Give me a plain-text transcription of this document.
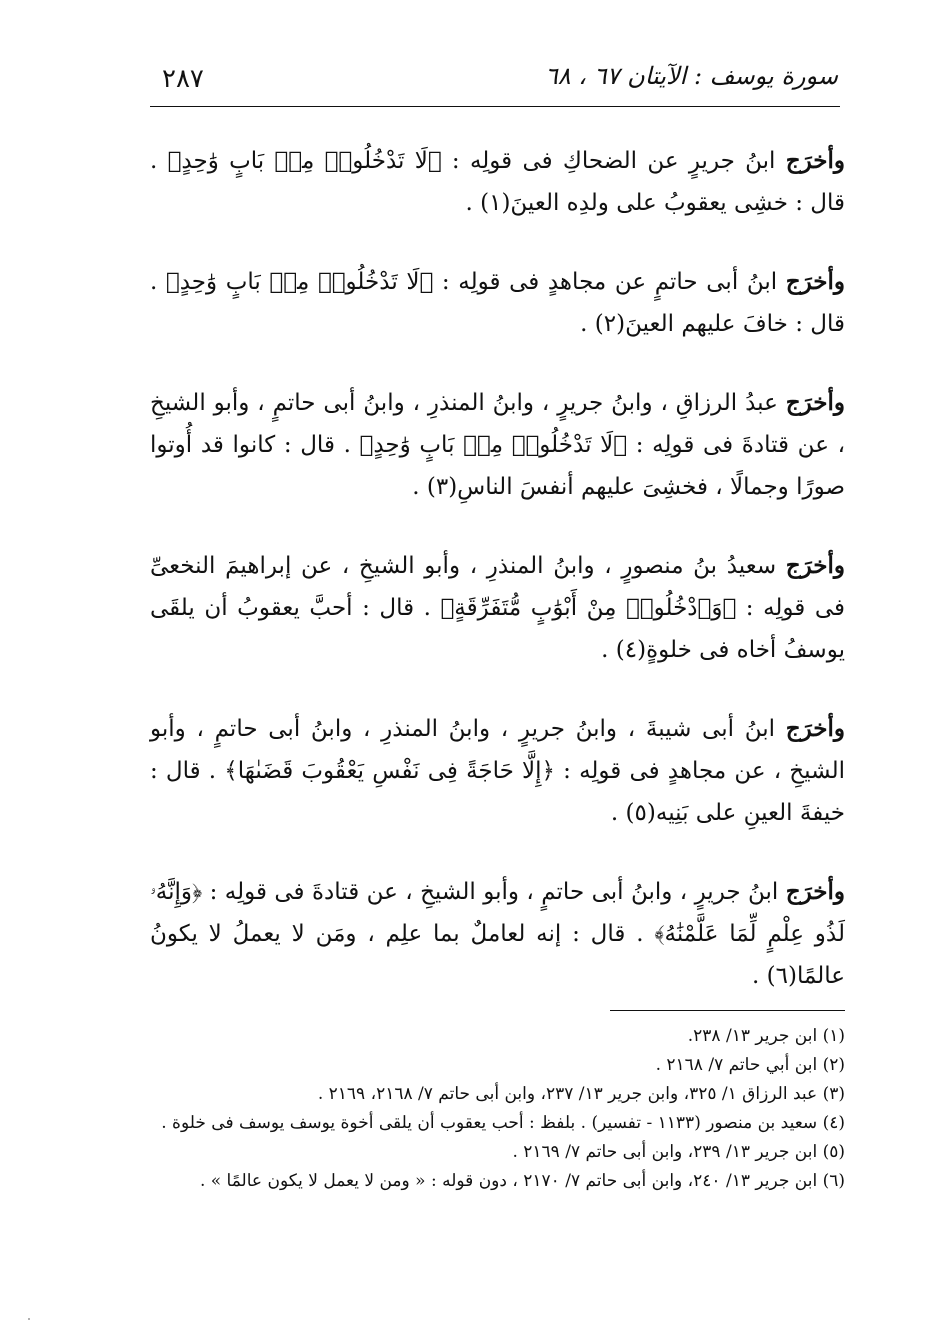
٢٨٧	سورة يوسف : الآيتان ٦٧ ، ٦٨

وأخرَج ابنُ جريرٍ عن الضحاكِ فى قولِه : ﴿لَا تَدْخُلُوا۟ مِنۢ بَابٍ وَٰحِدٍ﴾ . قال : خشِى يعقوبُ على ولدِه العينَ(١) .

وأخرَج ابنُ أبى حاتمٍ عن مجاهدٍ فى قولِه : ﴿لَا تَدْخُلُوا۟ مِنۢ بَابٍ وَٰحِدٍ﴾ . قال : خافَ عليهم العينَ(٢) .

وأخرَج عبدُ الرزاقِ ، وابنُ جريرٍ ، وابنُ المنذرِ ، وابنُ أبى حاتمٍ ، وأبو الشيخِ ، عن قتادةَ فى قولِه : ﴿لَا تَدْخُلُوا۟ مِنۢ بَابٍ وَٰحِدٍ﴾ . قال : كانوا قد أُوتوا صورًا وجمالًا ، فخشِىَ عليهم أنفسَ الناسِ(٣) .

وأخرَج سعيدُ بنُ منصورٍ ، وابنُ المنذرِ ، وأبو الشيخِ ، عن إبراهيمَ النخعىِّ فى قولِه : ﴿وَٱدْخُلُوا۟ مِنْ أَبْوَٰبٍ مُّتَفَرِّقَةٍ﴾ . قال : أحبَّ يعقوبُ أن يلقَى يوسفُ أخاه فى خلوةٍ(٤) .

وأخرَج ابنُ أبى شيبةَ ، وابنُ جريرٍ ، وابنُ المنذرِ ، وابنُ أبى حاتمٍ ، وأبو الشيخِ ، عن مجاهدٍ فى قولِه : ﴿إِلَّا حَاجَةً فِى نَفْسِ يَعْقُوبَ قَضَىٰهَا﴾ . قال : خيفةَ العينِ على بَنِيه(٥) .

وأخرَج ابنُ جريرٍ ، وابنُ أبى حاتمٍ ، وأبو الشيخِ ، عن قتادةَ فى قولِه : ﴿وَإِنَّهُۥ لَذُو عِلْمٍ لِّمَا عَلَّمْنَٰهُ﴾ . قال : إنه لعاملٌ بما علِم ، ومَن لا يعملُ لا يكونُ عالمًا(٦) .

(١) ابن جرير ١٣/ ٢٣٨.

(٢) ابن أبي حاتم ٧/ ٢١٦٨ .

(٣) عبد الرزاق ١/ ٣٢٥، وابن جرير ١٣/ ٢٣٧، وابن أبى حاتم ٧/ ٢١٦٨، ٢١٦٩ .

(٤) سعيد بن منصور (١١٣٣ - تفسير) . بلفظ : أحب يعقوب أن يلقى أخوة يوسف يوسف فى خلوة .

(٥) ابن جرير ١٣/ ٢٣٩، وابن أبى حاتم ٧/ ٢١٦٩ .

(٦) ابن جرير ١٣/ ٢٤٠، وابن أبى حاتم ٧/ ٢١٧٠ ، دون قوله : « ومن لا يعمل لا يكون عالمًا » .
